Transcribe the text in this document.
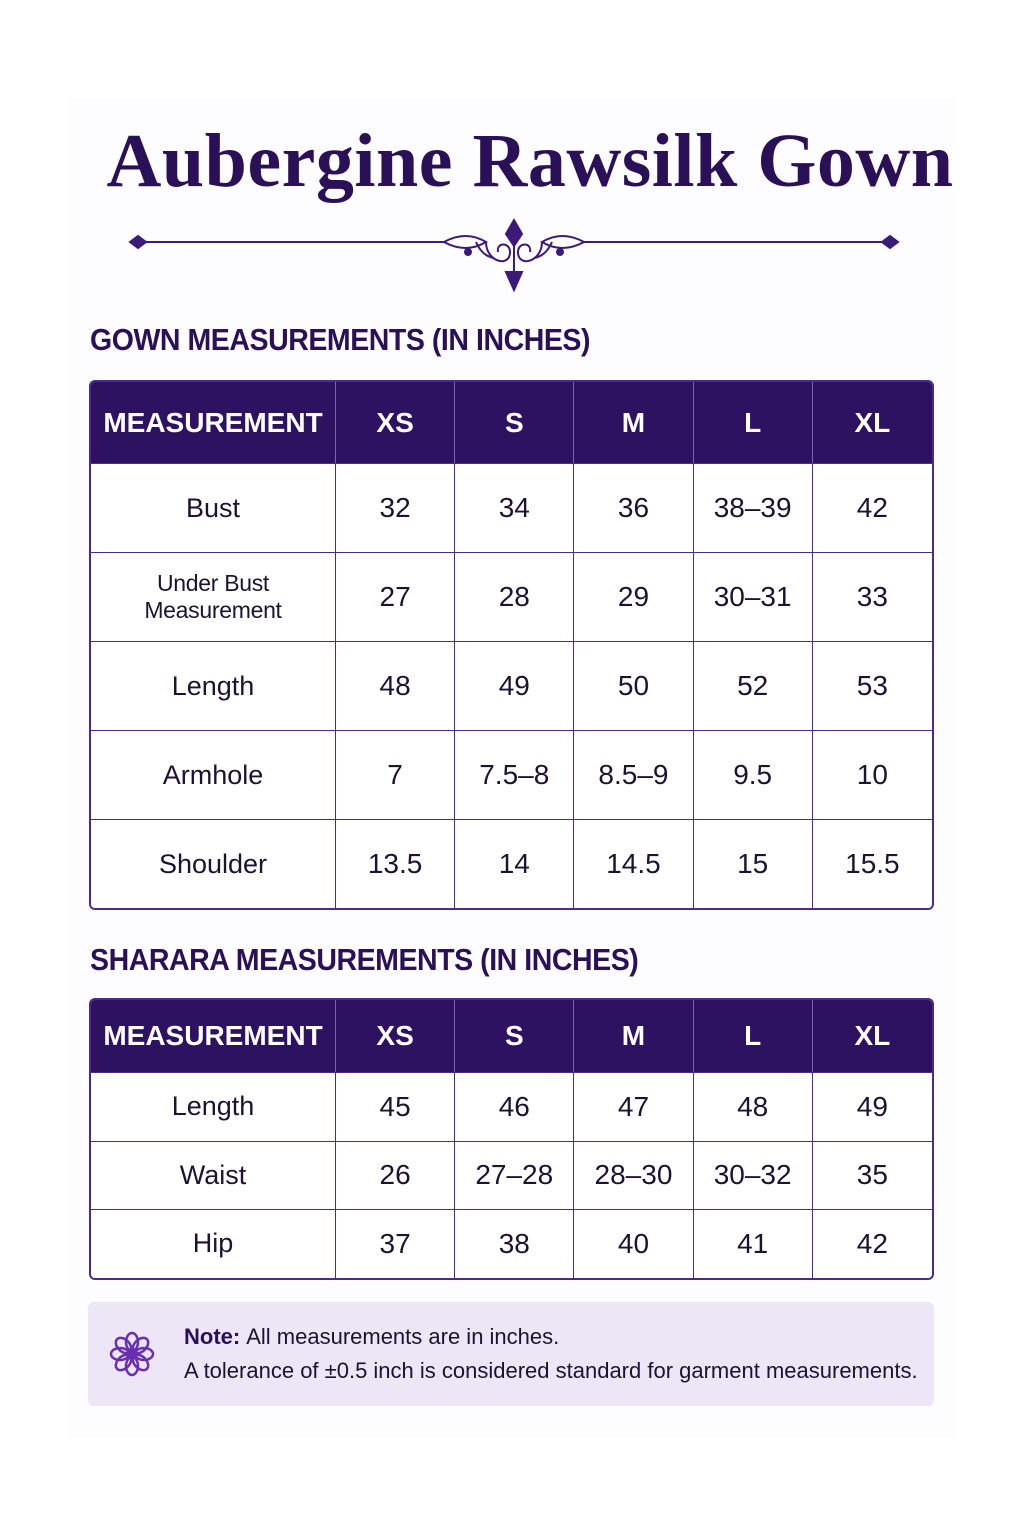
Aubergine Rawsilk Gown
GOWN MEASUREMENTS (IN INCHES)
MEASUREMENT	XS	S	M	L	XL
Bust	32	34	36	38–39	42
Under Bust Measurement	27	28	29	30–31	33
Length	48	49	50	52	53
Armhole	7	7.5–8	8.5–9	9.5	10
Shoulder	13.5	14	14.5	15	15.5
SHARARA MEASUREMENTS (IN INCHES)
MEASUREMENT	XS	S	M	L	XL
Length	45	46	47	48	49
Waist	26	27–28	28–30	30–32	35
Hip	37	38	40	41	42
Note: All measurements are in inches.
A tolerance of ±0.5 inch is considered standard for garment measurements.
